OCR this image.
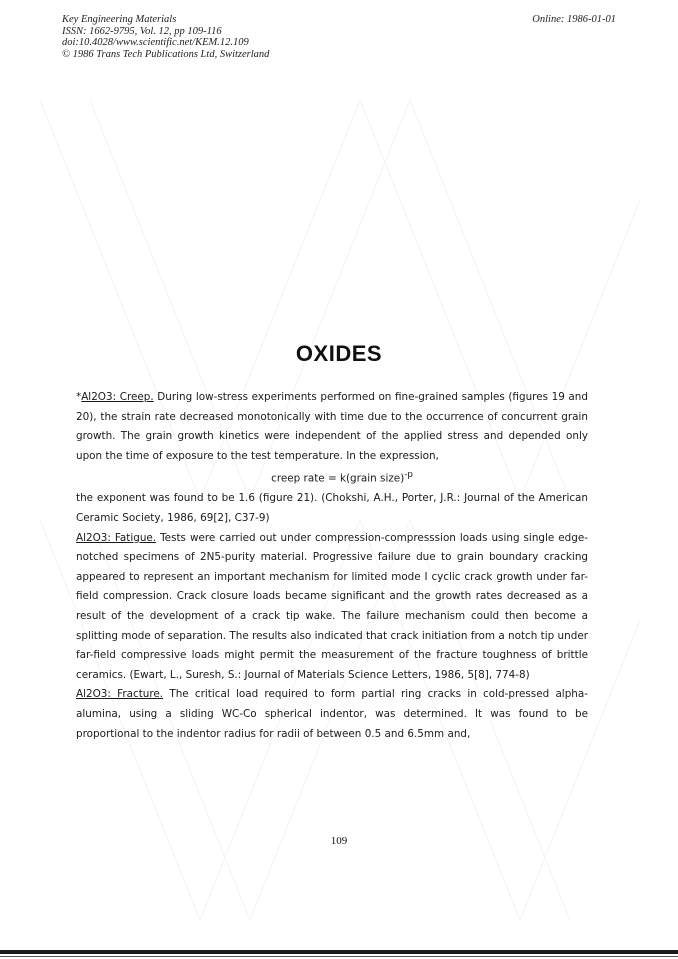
Key Engineering Materials
ISSN: 1662-9795, Vol. 12, pp 109-116
doi:10.4028/www.scientific.net/KEM.12.109
© 1986 Trans Tech Publications Ltd, Switzerland
Online: 1986-01-01
OXIDES

*Al2O3: Creep. During low-stress experiments performed on fine-grained samples (figures 19 and 20), the strain rate decreased monotonically with time due to the occurrence of concurrent grain growth. The grain growth kinetics were independent of the applied stress and depended only upon the time of exposure to the test temperature. In the expression,

creep rate = k(grain size)$^{-p}$

the exponent was found to be 1.6 (figure 21). (Chokshi, A.H., Porter, J.R.: Journal of the American Ceramic Society, 1986, 69[2], C37-9)

Al2O3: Fatigue. Tests were carried out under compression-compresssion loads using single edge-notched specimens of 2N5-purity material. Progressive failure due to grain boundary cracking appeared to represent an important mechanism for limited mode I cyclic crack growth under far-field compression. Crack closure loads became significant and the growth rates decreased as a result of the development of a crack tip wake. The failure mechanism could then become a splitting mode of separation. The results also indicated that crack initiation from a notch tip under far-field compressive loads might permit the measurement of the fracture toughness of brittle ceramics. (Ewart, L., Suresh, S.: Journal of Materials Science Letters, 1986, 5[8], 774-8)

Al2O3: Fracture. The critical load required to form partial ring cracks in cold-pressed alpha-alumina, using a sliding WC-Co spherical indentor, was determined. It was found to be proportional to the indentor radius for radii of between 0.5 and 6.5mm and,

109
